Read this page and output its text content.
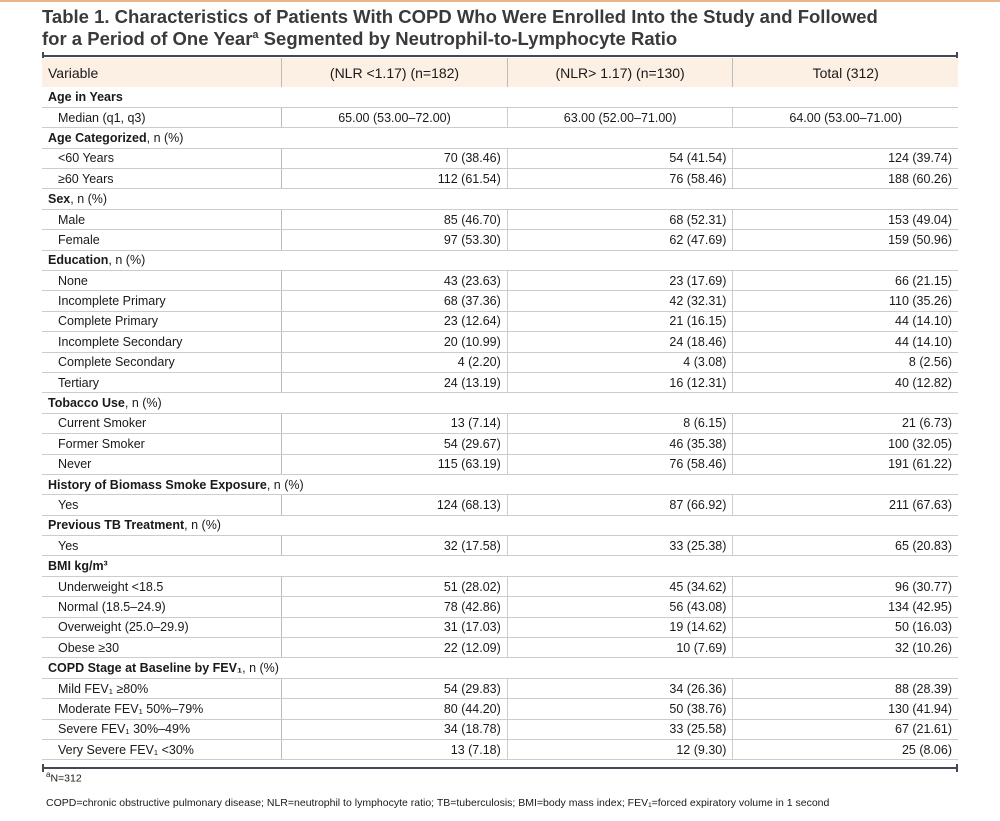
Table 1. Characteristics of Patients With COPD Who Were Enrolled Into the Study and Followed
for a Period of One Year$^a$ Segmented by Neutrophil-to-Lymphocyte Ratio
Variable	(NLR <1.17) (n=182)	(NLR> 1.17) (n=130)	Total (312)
Age in Years			
Median (q1, q3)	65.00 (53.00–72.00)	63.00 (52.00–71.00)	64.00 (53.00–71.00)
Age Categorized, n (%)			
<60 Years	70 (38.46)	54 (41.54)	124 (39.74)
≥60 Years	112 (61.54)	76 (58.46)	188 (60.26)
Sex, n (%)			
Male	85 (46.70)	68 (52.31)	153 (49.04)
Female	97 (53.30)	62 (47.69)	159 (50.96)
Education, n (%)			
None	43 (23.63)	23 (17.69)	66 (21.15)
Incomplete Primary	68 (37.36)	42 (32.31)	110 (35.26)
Complete Primary	23 (12.64)	21 (16.15)	44 (14.10)
Incomplete Secondary	20 (10.99)	24 (18.46)	44 (14.10)
Complete Secondary	4 (2.20)	4 (3.08)	8 (2.56)
Tertiary	24 (13.19)	16 (12.31)	40 (12.82)
Tobacco Use, n (%)			
Current Smoker	13 (7.14)	8 (6.15)	21 (6.73)
Former Smoker	54 (29.67)	46 (35.38)	100 (32.05)
Never	115 (63.19)	76 (58.46)	191 (61.22)
History of Biomass Smoke Exposure, n (%)			
Yes	124 (68.13)	87 (66.92)	211 (67.63)
Previous TB Treatment, n (%)			
Yes	32 (17.58)	33 (25.38)	65 (20.83)
BMI kg/m³			
Underweight <18.5	51 (28.02)	45 (34.62)	96 (30.77)
Normal (18.5–24.9)	78 (42.86)	56 (43.08)	134 (42.95)
Overweight (25.0–29.9)	31 (17.03)	19 (14.62)	50 (16.03)
Obese ≥30	22 (12.09)	10 (7.69)	32 (10.26)
COPD Stage at Baseline by FEV₁, n (%)			
Mild FEV₁ ≥80%	54 (29.83)	34 (26.36)	88 (28.39)
Moderate FEV₁ 50%–79%	80 (44.20)	50 (38.76)	130 (41.94)
Severe FEV₁ 30%–49%	34 (18.78)	33 (25.58)	67 (21.61)
Very Severe FEV₁ <30%	13 (7.18)	12 (9.30)	25 (8.06)
$^a$N=312
COPD=chronic obstructive pulmonary disease; NLR=neutrophil to lymphocyte ratio; TB=tuberculosis; BMI=body mass index; FEV₁=forced expiratory volume in 1 second
